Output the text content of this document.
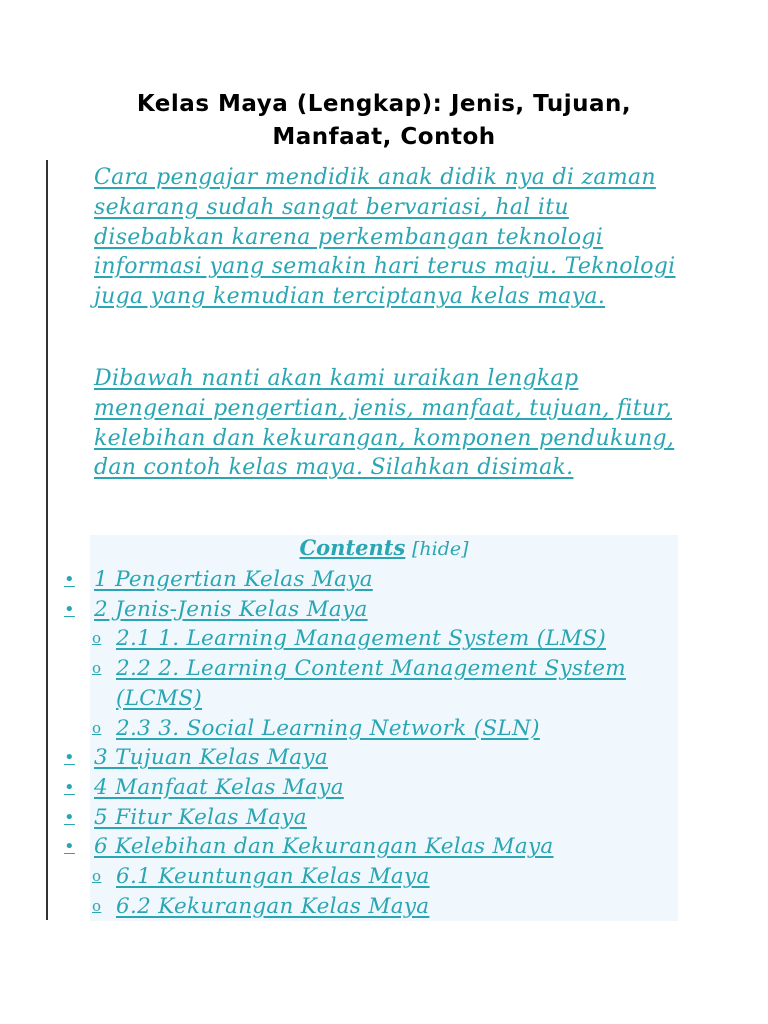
Kelas Maya (Lengkap): Jenis, Tujuan,
Manfaat, Contoh

Cara pengajar mendidik anak didik nya di zaman sekarang sudah sangat bervariasi, hal itu disebabkan karena perkembangan teknologi informasi yang semakin hari terus maju. Teknologi juga yang kemudian terciptanya kelas maya.

Dibawah nanti akan kami uraikan lengkap mengenai pengertian, jenis, manfaat, tujuan, fitur, kelebihan dan kekurangan, komponen pendukung, dan contoh kelas maya. Silahkan disimak.

Contents [hide]
• 1 Pengertian Kelas Maya
• 2 Jenis-Jenis Kelas Maya
o 2.1 1. Learning Management System (LMS)
o 2.2 2. Learning Content Management System (LCMS)
o 2.3 3. Social Learning Network (SLN)
• 3 Tujuan Kelas Maya
• 4 Manfaat Kelas Maya
• 5 Fitur Kelas Maya
• 6 Kelebihan dan Kekurangan Kelas Maya
o 6.1 Keuntungan Kelas Maya
o 6.2 Kekurangan Kelas Maya
